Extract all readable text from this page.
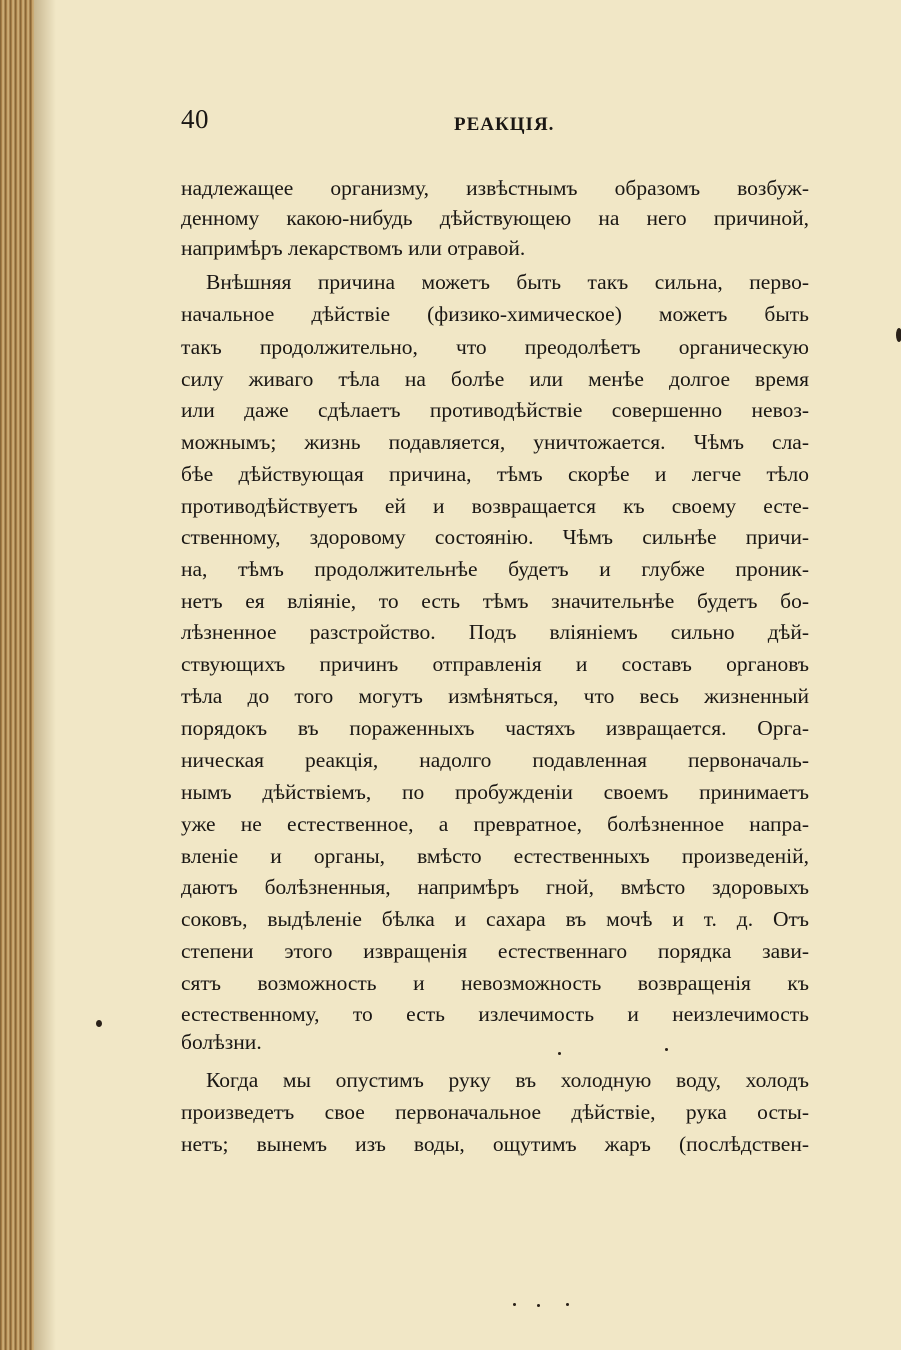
40	РЕАКЦІЯ.
надлежащее организму, извѣстнымъ образомъ возбуж-
денному какою-нибудь дѣйствующею на него причиной,
напримѣръ лекарствомъ или отравой.
Внѣшняя причина можетъ быть такъ сильна, перво-
начальное дѣйствіе (физико-химическое) можетъ быть
такъ продолжительно, что преодолѣетъ органическую
силу живаго тѣла на болѣе или менѣе долгое время
или даже сдѣлаетъ противодѣйствіе совершенно невоз-
можнымъ; жизнь подавляется, уничтожается. Чѣмъ сла-
бѣе дѣйствующая причина, тѣмъ скорѣе и легче тѣло
противодѣйствуетъ ей и возвращается къ своему есте-
ственному, здоровому состоянію. Чѣмъ сильнѣе причи-
на, тѣмъ продолжительнѣе будетъ и глубже проник-
нетъ ея вліяніе, то есть тѣмъ значительнѣе будетъ бо-
лѣзненное разстройство. Подъ вліяніемъ сильно дѣй-
ствующихъ причинъ отправленія и составъ органовъ
тѣла до того могутъ измѣняться, что весь жизненный
порядокъ въ пораженныхъ частяхъ извращается. Орга-
ническая реакція, надолго подавленная первоначаль-
нымъ дѣйствіемъ, по пробужденіи своемъ принимаетъ
уже не естественное, а превратное, болѣзненное напра-
вленіе и органы, вмѣсто естественныхъ произведеній,
даютъ болѣзненныя, напримѣръ гной, вмѣсто здоровыхъ
соковъ, выдѣленіе бѣлка и сахара въ мочѣ и т. д. Отъ
степени этого извращенія естественнаго порядка зави-
сятъ возможность и невозможность возвращенія къ
естественному, то есть излечимость и неизлечимость
болѣзни.
Когда мы опустимъ руку въ холодную воду, холодъ
произведетъ свое первоначальное дѣйствіе, рука осты-
нетъ; вынемъ изъ воды, ощутимъ жаръ (послѣдствен-
